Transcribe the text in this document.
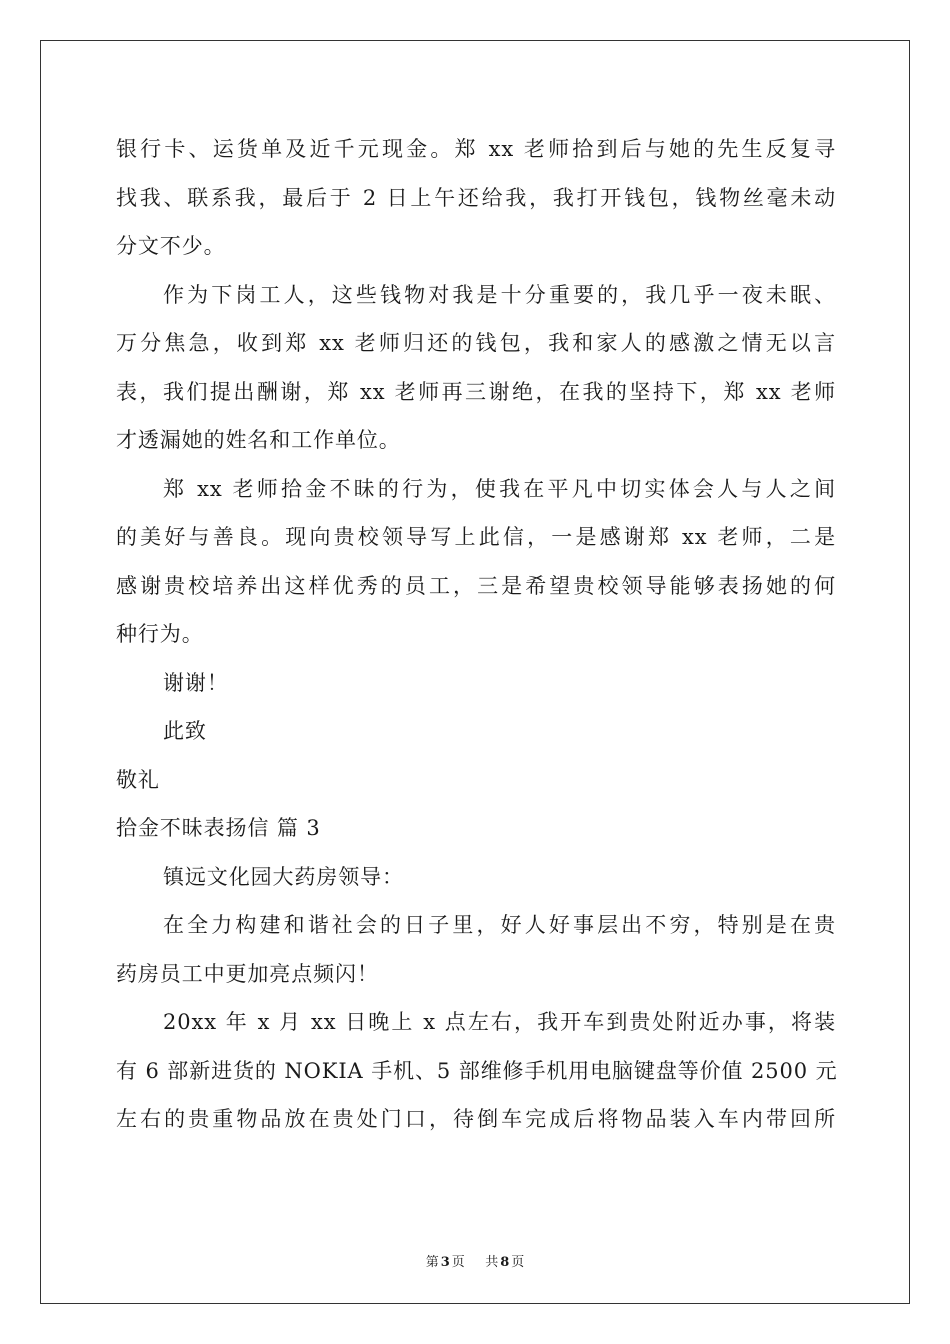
银行卡、运货单及近千元现金。郑 xx 老师拾到后与她的先生反复寻
找我、联系我，最后于 2 日上午还给我，我打开钱包，钱物丝毫未动
分文不少。
作为下岗工人，这些钱物对我是十分重要的，我几乎一夜未眠、
万分焦急，收到郑 xx 老师归还的钱包，我和家人的感激之情无以言
表，我们提出酬谢，郑 xx 老师再三谢绝，在我的坚持下，郑 xx 老师
才透漏她的姓名和工作单位。
郑 xx 老师拾金不昧的行为，使我在平凡中切实体会人与人之间
的美好与善良。现向贵校领导写上此信，一是感谢郑 xx 老师，二是
感谢贵校培养出这样优秀的员工，三是希望贵校领导能够表扬她的何
种行为。
谢谢！
此致
敬礼
拾金不昧表扬信 篇 3
镇远文化园大药房领导：
在全力构建和谐社会的日子里，好人好事层出不穷，特别是在贵
药房员工中更加亮点频闪！
20xx 年 x 月 xx 日晚上 x 点左右，我开车到贵处附近办事，将装
有 6 部新进货的 NOKIA 手机、5 部维修手机用电脑键盘等价值 2500 元
左右的贵重物品放在贵处门口，待倒车完成后将物品装入车内带回所
第 3 页 共 8 页
